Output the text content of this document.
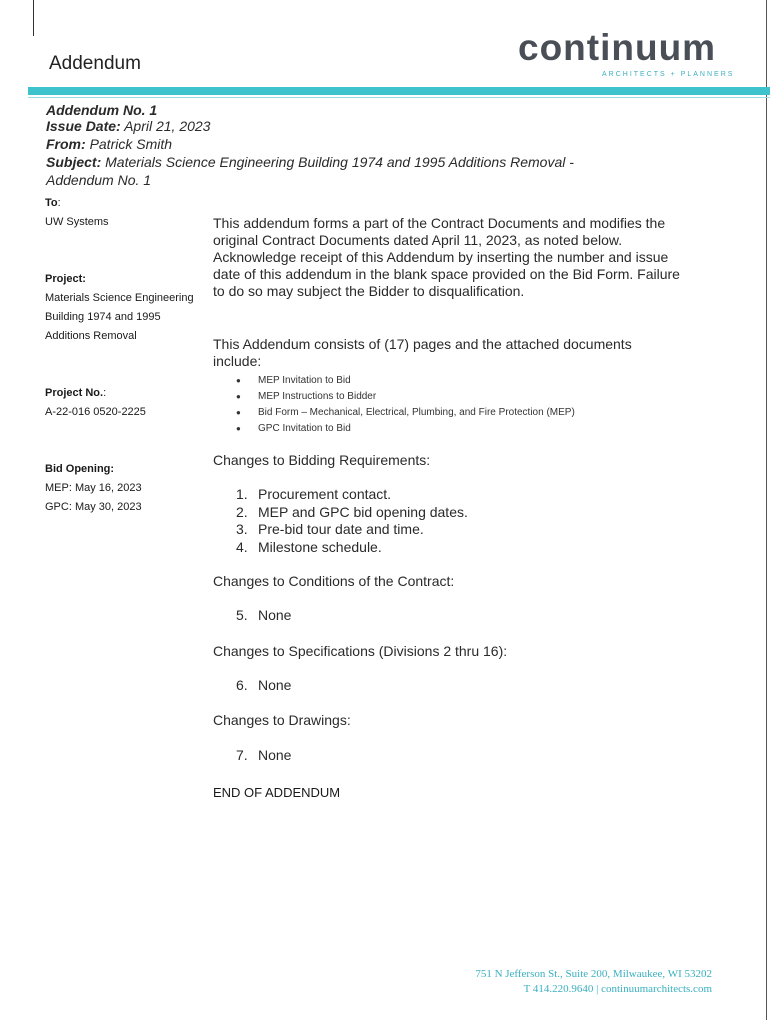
Addendum	continuum
ARCHITECTS + PLANNERS
Addendum No. 1
Issue Date: April 21, 2023
From: Patrick Smith
Subject: Materials Science Engineering Building 1974 and 1995 Additions Removal -
Addendum No. 1
To:
UW Systems
Project:
Materials Science Engineering
Building 1974 and 1995
Additions Removal
Project No.:
A-22-016 0520-2225
Bid Opening:
MEP: May 16, 2023
GPC: May 30, 2023
This addendum forms a part of the Contract Documents and modifies the original Contract Documents dated April 11, 2023, as noted below. Acknowledge receipt of this Addendum by inserting the number and issue date of this addendum in the blank space provided on the Bid Form. Failure to do so may subject the Bidder to disqualification.
This Addendum consists of (17) pages and the attached documents include:
● MEP Invitation to Bid
● MEP Instructions to Bidder
● Bid Form – Mechanical, Electrical, Plumbing, and Fire Protection (MEP)
● GPC Invitation to Bid
Changes to Bidding Requirements:
1. Procurement contact.
2. MEP and GPC bid opening dates.
3. Pre-bid tour date and time.
4. Milestone schedule.
Changes to Conditions of the Contract:
5. None
Changes to Specifications (Divisions 2 thru 16):
6. None
Changes to Drawings:
7. None
END OF ADDENDUM
751 N Jefferson St., Suite 200, Milwaukee, WI 53202
T 414.220.9640 | continuumarchitects.com
